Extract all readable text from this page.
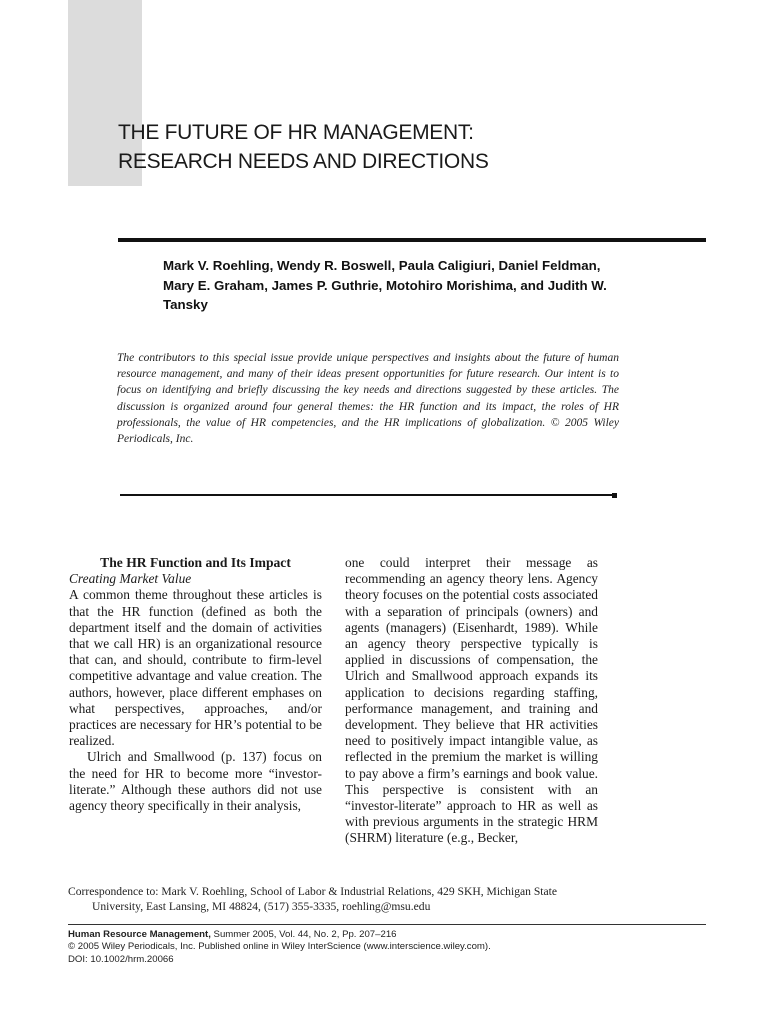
THE FUTURE OF HR MANAGEMENT:
RESEARCH NEEDS AND DIRECTIONS

Mark V. Roehling, Wendy R. Boswell, Paula Caligiuri, Daniel Feldman, Mary E. Graham, James P. Guthrie, Motohiro Morishima, and Judith W. Tansky

The contributors to this special issue provide unique perspectives and insights about the future of human resource management, and many of their ideas present opportunities for future research. Our intent is to focus on identifying and briefly discussing the key needs and directions suggested by these articles. The discussion is organized around four general themes: the HR function and its impact, the roles of HR professionals, the value of HR competencies, and the HR implications of globalization. © 2005 Wiley Periodicals, Inc.

The HR Function and Its Impact

Creating Market Value

A common theme throughout these articles is that the HR function (defined as both the department itself and the domain of activities that we call HR) is an organizational resource that can, and should, contribute to firm-level competitive advantage and value creation. The authors, however, place different emphases on what perspectives, approaches, and/or practices are necessary for HR’s potential to be realized.

Ulrich and Smallwood (p. 137) focus on the need for HR to become more “investor-literate.” Although these authors did not use agency theory specifically in their analysis,

one could interpret their message as recommending an agency theory lens. Agency theory focuses on the potential costs associated with a separation of principals (owners) and agents (managers) (Eisenhardt, 1989). While an agency theory perspective typically is applied in discussions of compensation, the Ulrich and Smallwood approach expands its application to decisions regarding staffing, performance management, and training and development. They believe that HR activities need to positively impact intangible value, as reflected in the premium the market is willing to pay above a firm’s earnings and book value. This perspective is consistent with an “investor-literate” approach to HR as well as with previous arguments in the strategic HRM (SHRM) literature (e.g., Becker,

Correspondence to: Mark V. Roehling, School of Labor & Industrial Relations, 429 SKH, Michigan State
University, East Lansing, MI 48824, (517) 355-3335, roehling@msu.edu

Human Resource Management, Summer 2005, Vol. 44, No. 2, Pp. 207–216
© 2005 Wiley Periodicals, Inc. Published online in Wiley InterScience (www.interscience.wiley.com).
DOI: 10.1002/hrm.20066
